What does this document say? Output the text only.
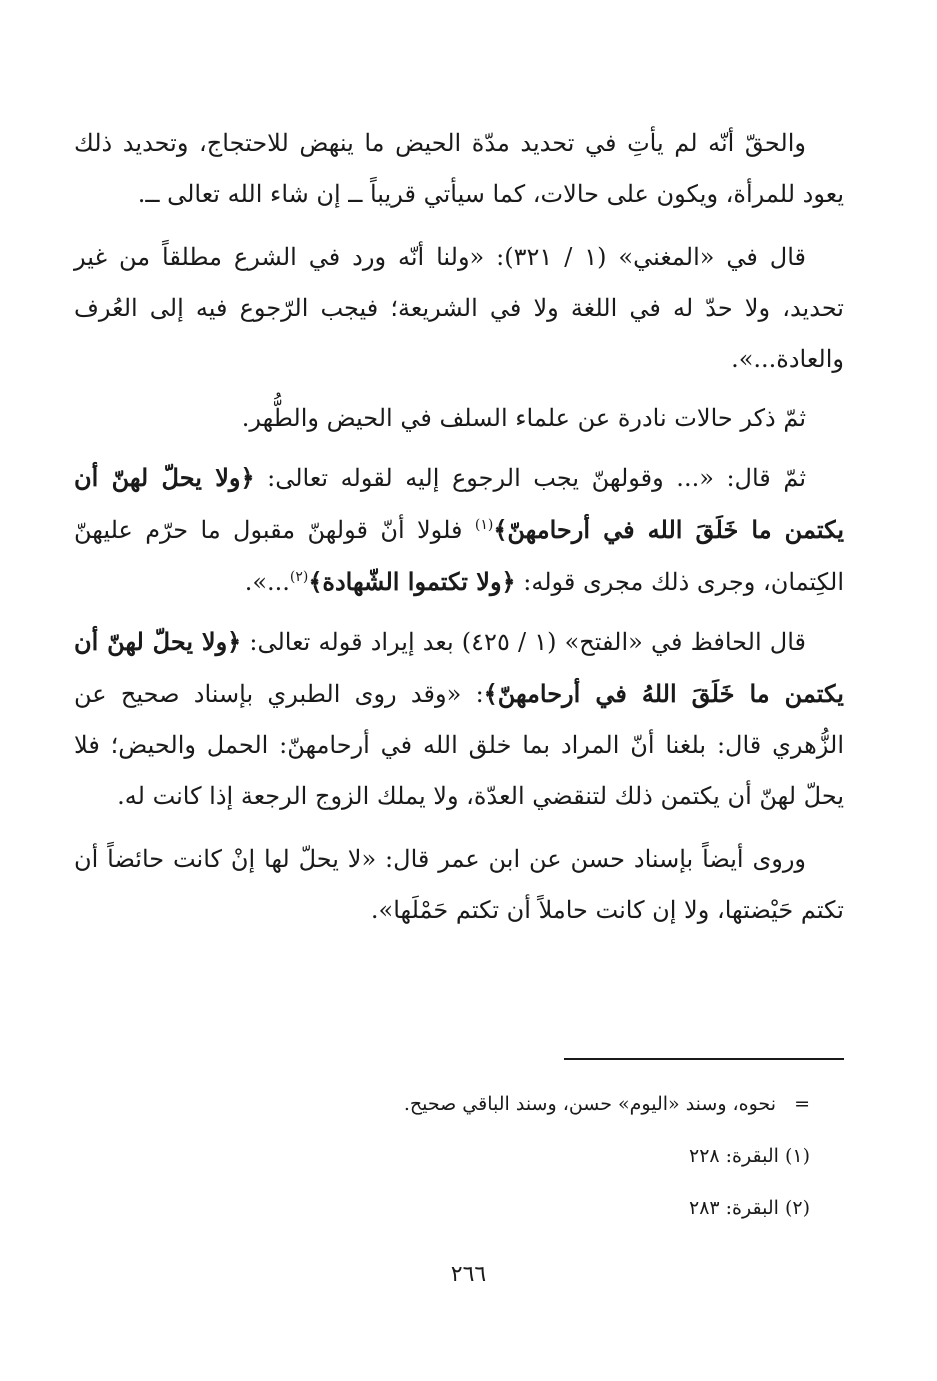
والحقّ أنّه لم يأتِ في تحديد مدّة الحيض ما ينهض للاحتجاج، وتحديد ذلك يعود للمرأة، ويكون على حالات، كما سيأتي قريباً ــ إن شاء الله تعالى ــ.

قال في «المغني» (١ / ٣٢١): «ولنا أنّه ورد في الشرع مطلقاً من غير تحديد، ولا حدّ له في اللغة ولا في الشريعة؛ فيجب الرّجوع فيه إلى العُرف والعادة...».

ثمّ ذكر حالات نادرة عن علماء السلف في الحيض والطُّهر.

ثمّ قال: «... وقولهنّ يجب الرجوع إليه لقوله تعالى: ﴿ولا يحلّ لهنّ أن يكتمن ما خَلَقَ الله في أرحامهنّ﴾$^{(١)}$ فلولا أنّ قولهنّ مقبول ما حرّم عليهنّ الكِتمان، وجرى ذلك مجرى قوله: ﴿ولا تكتموا الشّهادة﴾$^{(٢)}$...».

قال الحافظ في «الفتح» (١ / ٤٢٥) بعد إيراد قوله تعالى: ﴿ولا يحلّ لهنّ أن يكتمن ما خَلَقَ اللهُ في أرحامهنّ﴾: «وقد روى الطبري بإسناد صحيح عن الزُّهري قال: بلغنا أنّ المراد بما خلق الله في أرحامهنّ: الحمل والحيض؛ فلا يحلّ لهنّ أن يكتمن ذلك لتنقضي العدّة، ولا يملك الزوج الرجعة إذا كانت له.

وروى أيضاً بإسناد حسن عن ابن عمر قال: «لا يحلّ لها إنْ كانت حائضاً أن تكتم حَيْضتها، ولا إن كانت حاملاً أن تكتم حَمْلَها».

=نحوه، وسند «اليوم» حسن، وسند الباقي صحيح.

(١) البقرة: ٢٢٨

(٢) البقرة: ٢٨٣

٢٦٦
